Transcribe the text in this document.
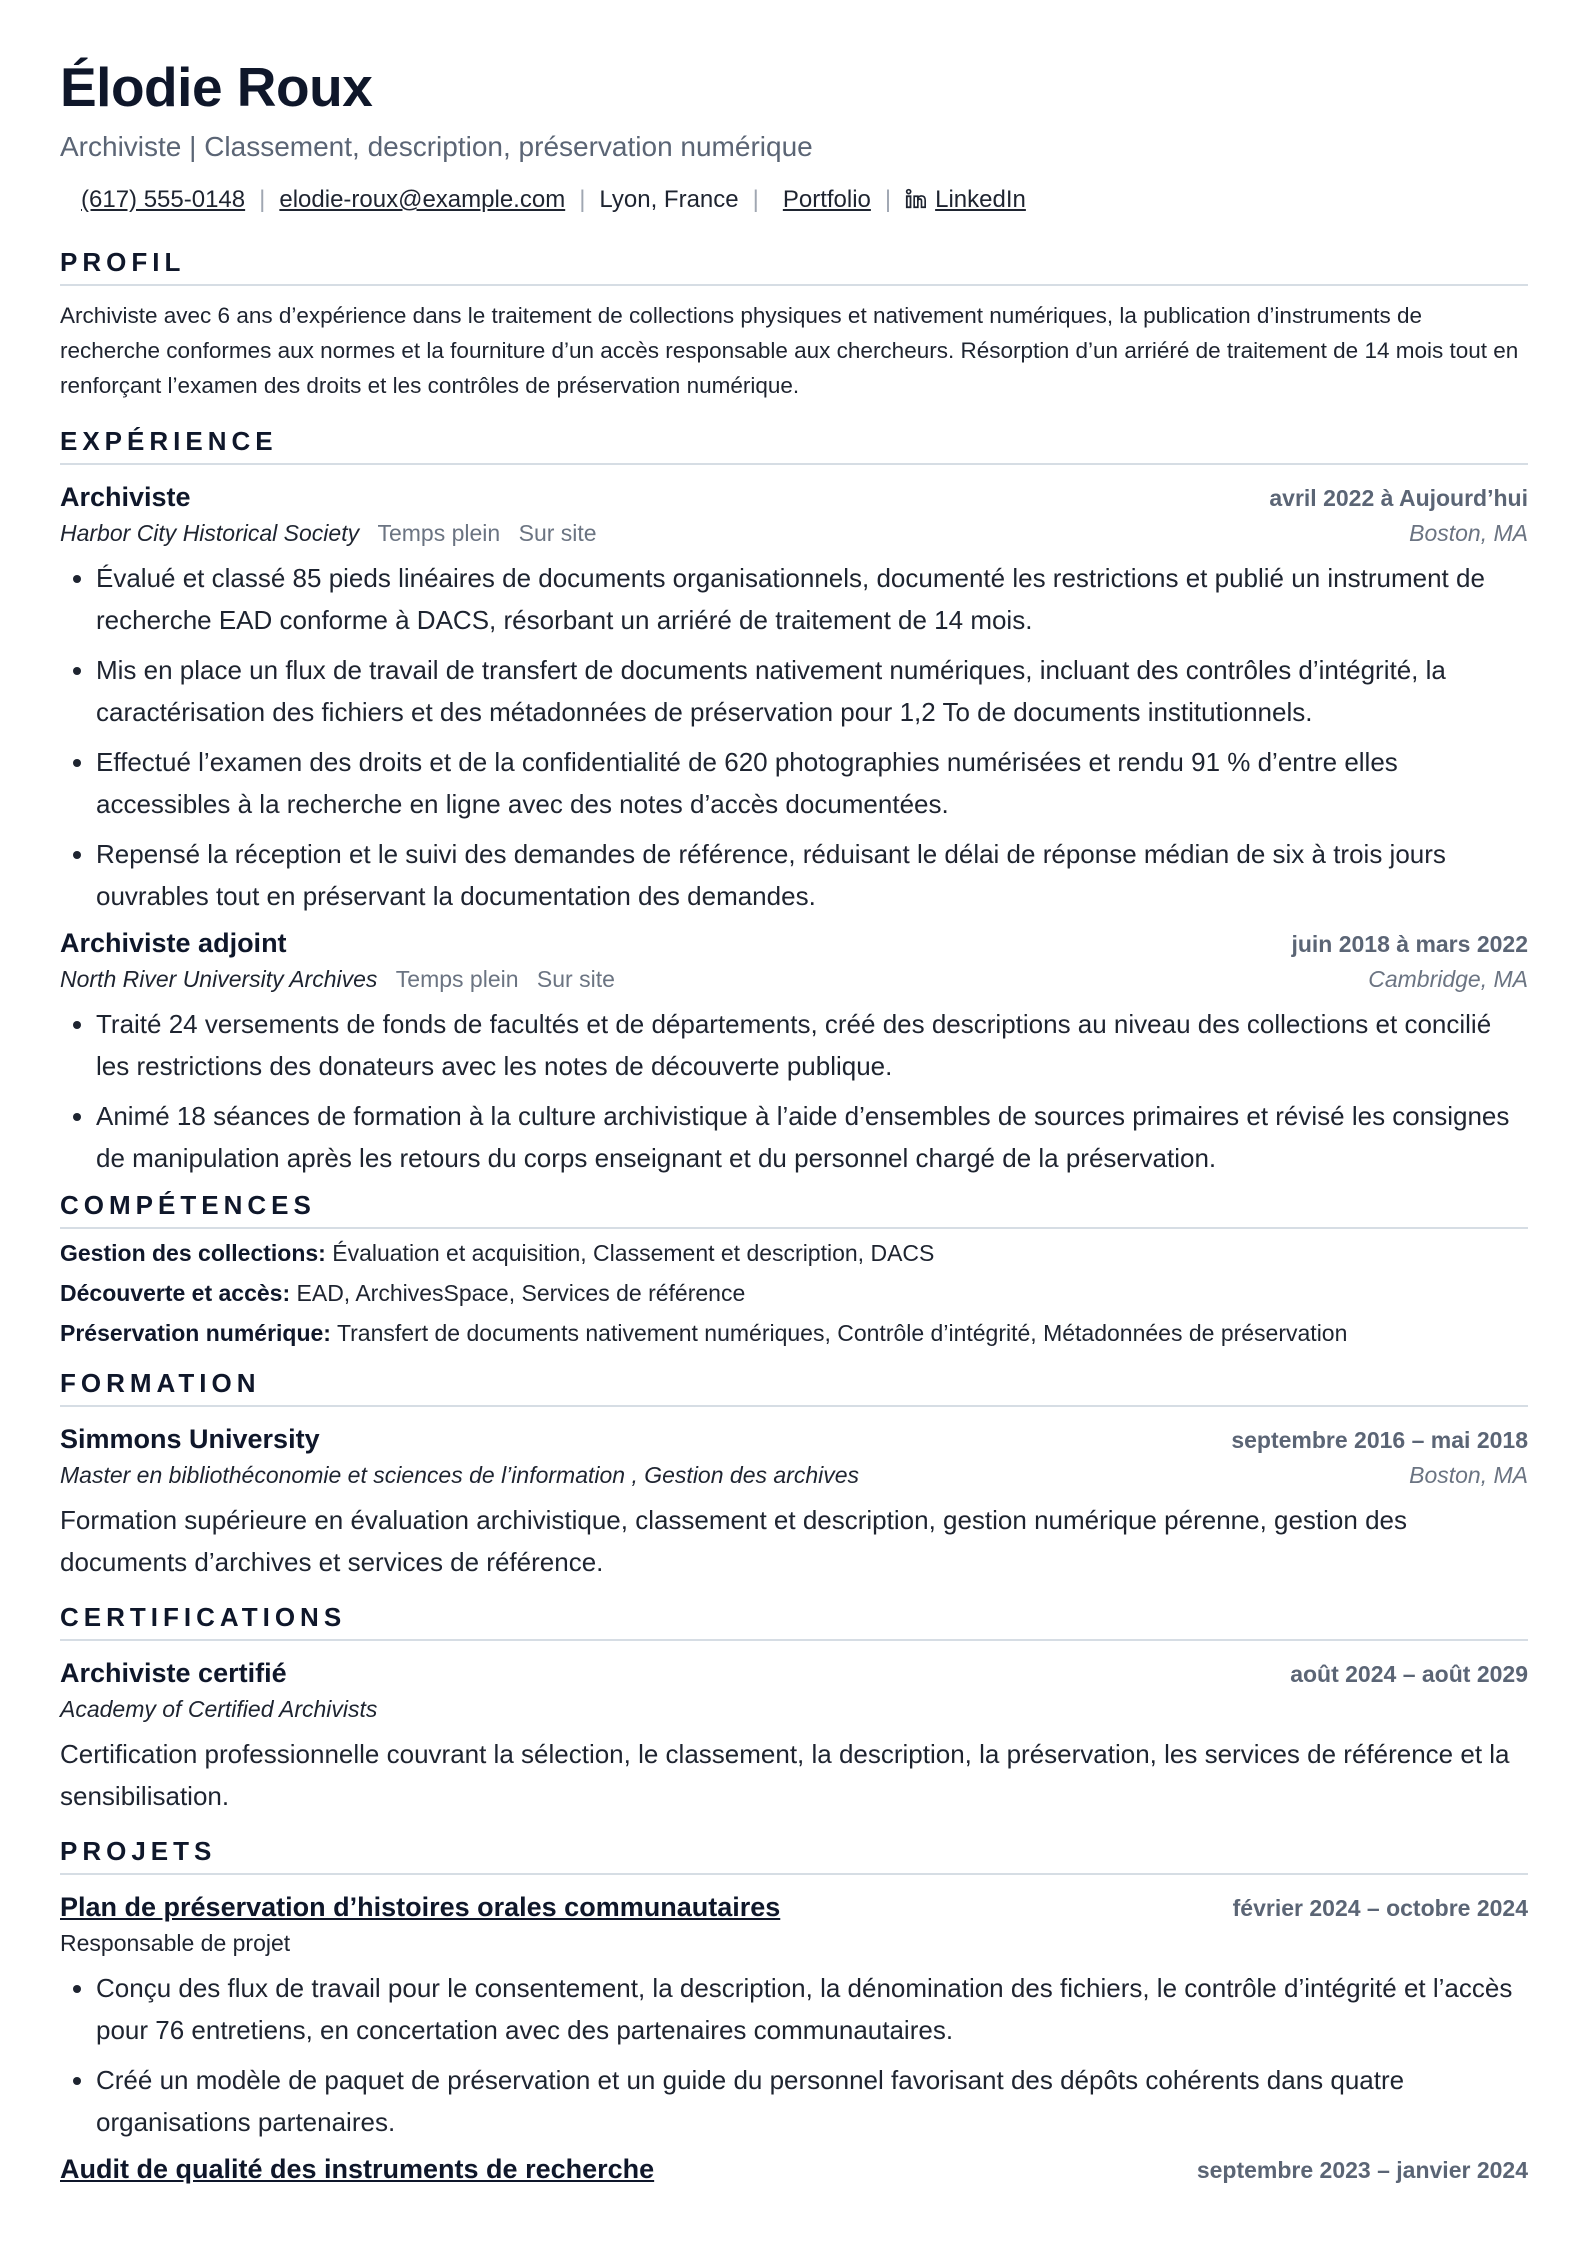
Élodie Roux
Archiviste | Classement, description, préservation numérique
(617) 555-0148 | elodie-roux@example.com | Lyon, France | Portfolio | LinkedIn
PROFIL
Archiviste avec 6 ans d’expérience dans le traitement de collections physiques et nativement numériques, la publication d’instruments de recherche conformes aux normes et la fourniture d’un accès responsable aux chercheurs. Résorption d’un arriéré de traitement de 14 mois tout en renforçant l’examen des droits et les contrôles de préservation numérique.
EXPÉRIENCE
Archiviste	avril 2022 à Aujourd’hui
Harbor City Historical Society Temps plein Sur site	Boston, MA
• Évalué et classé 85 pieds linéaires de documents organisationnels, documenté les restrictions et publié un instrument de recherche EAD conforme à DACS, résorbant un arriéré de traitement de 14 mois.
• Mis en place un flux de travail de transfert de documents nativement numériques, incluant des contrôles d’intégrité, la caractérisation des fichiers et des métadonnées de préservation pour 1,2 To de documents institutionnels.
• Effectué l’examen des droits et de la confidentialité de 620 photographies numérisées et rendu 91 % d’entre elles accessibles à la recherche en ligne avec des notes d’accès documentées.
• Repensé la réception et le suivi des demandes de référence, réduisant le délai de réponse médian de six à trois jours ouvrables tout en préservant la documentation des demandes.
Archiviste adjoint	juin 2018 à mars 2022
North River University Archives Temps plein Sur site	Cambridge, MA
• Traité 24 versements de fonds de facultés et de départements, créé des descriptions au niveau des collections et concilié les restrictions des donateurs avec les notes de découverte publique.
• Animé 18 séances de formation à la culture archivistique à l’aide d’ensembles de sources primaires et révisé les consignes de manipulation après les retours du corps enseignant et du personnel chargé de la préservation.
COMPÉTENCES
Gestion des collections: Évaluation et acquisition, Classement et description, DACS
Découverte et accès: EAD, ArchivesSpace, Services de référence
Préservation numérique: Transfert de documents nativement numériques, Contrôle d’intégrité, Métadonnées de préservation
FORMATION
Simmons University	septembre 2016 – mai 2018
Master en bibliothéconomie et sciences de l’information , Gestion des archives	Boston, MA
Formation supérieure en évaluation archivistique, classement et description, gestion numérique pérenne, gestion des documents d’archives et services de référence.
CERTIFICATIONS
Archiviste certifié	août 2024 – août 2029
Academy of Certified Archivists
Certification professionnelle couvrant la sélection, le classement, la description, la préservation, les services de référence et la sensibilisation.
PROJETS
Plan de préservation d’histoires orales communautaires	février 2024 – octobre 2024
Responsable de projet
• Conçu des flux de travail pour le consentement, la description, la dénomination des fichiers, le contrôle d’intégrité et l’accès pour 76 entretiens, en concertation avec des partenaires communautaires.
• Créé un modèle de paquet de préservation et un guide du personnel favorisant des dépôts cohérents dans quatre organisations partenaires.
Audit de qualité des instruments de recherche	septembre 2023 – janvier 2024
